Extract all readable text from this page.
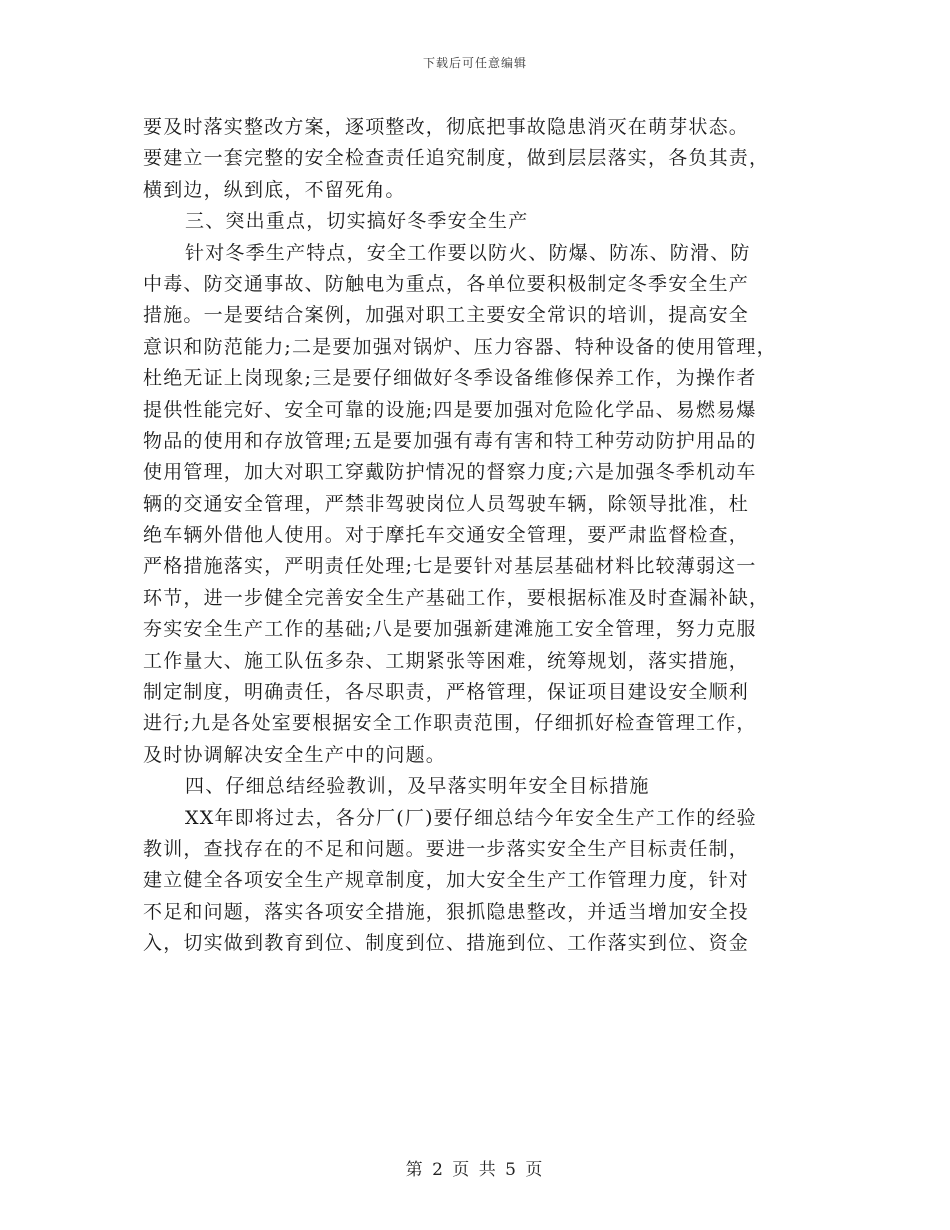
下载后可任意编辑
要及时落实整改方案，逐项整改，彻底把事故隐患消灭在萌芽状态。
要建立一套完整的安全检查责任追究制度，做到层层落实，各负其责，
横到边，纵到底，不留死角。
三、突出重点，切实搞好冬季安全生产
针对冬季生产特点，安全工作要以防火、防爆、防冻、防滑、防
中毒、防交通事故、防触电为重点，各单位要积极制定冬季安全生产
措施。一是要结合案例，加强对职工主要安全常识的培训，提高安全
意识和防范能力;二是要加强对锅炉、压力容器、特种设备的使用管理，
杜绝无证上岗现象;三是要仔细做好冬季设备维修保养工作，为操作者
提供性能完好、安全可靠的设施;四是要加强对危险化学品、易燃易爆
物品的使用和存放管理;五是要加强有毒有害和特工种劳动防护用品的
使用管理，加大对职工穿戴防护情况的督察力度;六是加强冬季机动车
辆的交通安全管理，严禁非驾驶岗位人员驾驶车辆，除领导批准，杜
绝车辆外借他人使用。对于摩托车交通安全管理，要严肃监督检查，
严格措施落实，严明责任处理;七是要针对基层基础材料比较薄弱这一
环节，进一步健全完善安全生产基础工作，要根据标准及时查漏补缺，
夯实安全生产工作的基础;八是要加强新建滩施工安全管理，努力克服
工作量大、施工队伍多杂、工期紧张等困难，统筹规划，落实措施，
制定制度，明确责任，各尽职责，严格管理，保证项目建设安全顺利
进行;九是各处室要根据安全工作职责范围，仔细抓好检查管理工作，
及时协调解决安全生产中的问题。
四、仔细总结经验教训，及早落实明年安全目标措施
XX年即将过去，各分厂(厂)要仔细总结今年安全生产工作的经验
教训，查找存在的不足和问题。要进一步落实安全生产目标责任制，
建立健全各项安全生产规章制度，加大安全生产工作管理力度，针对
不足和问题，落实各项安全措施，狠抓隐患整改，并适当增加安全投
入，切实做到教育到位、制度到位、措施到位、工作落实到位、资金
第 2 页 共 5 页
